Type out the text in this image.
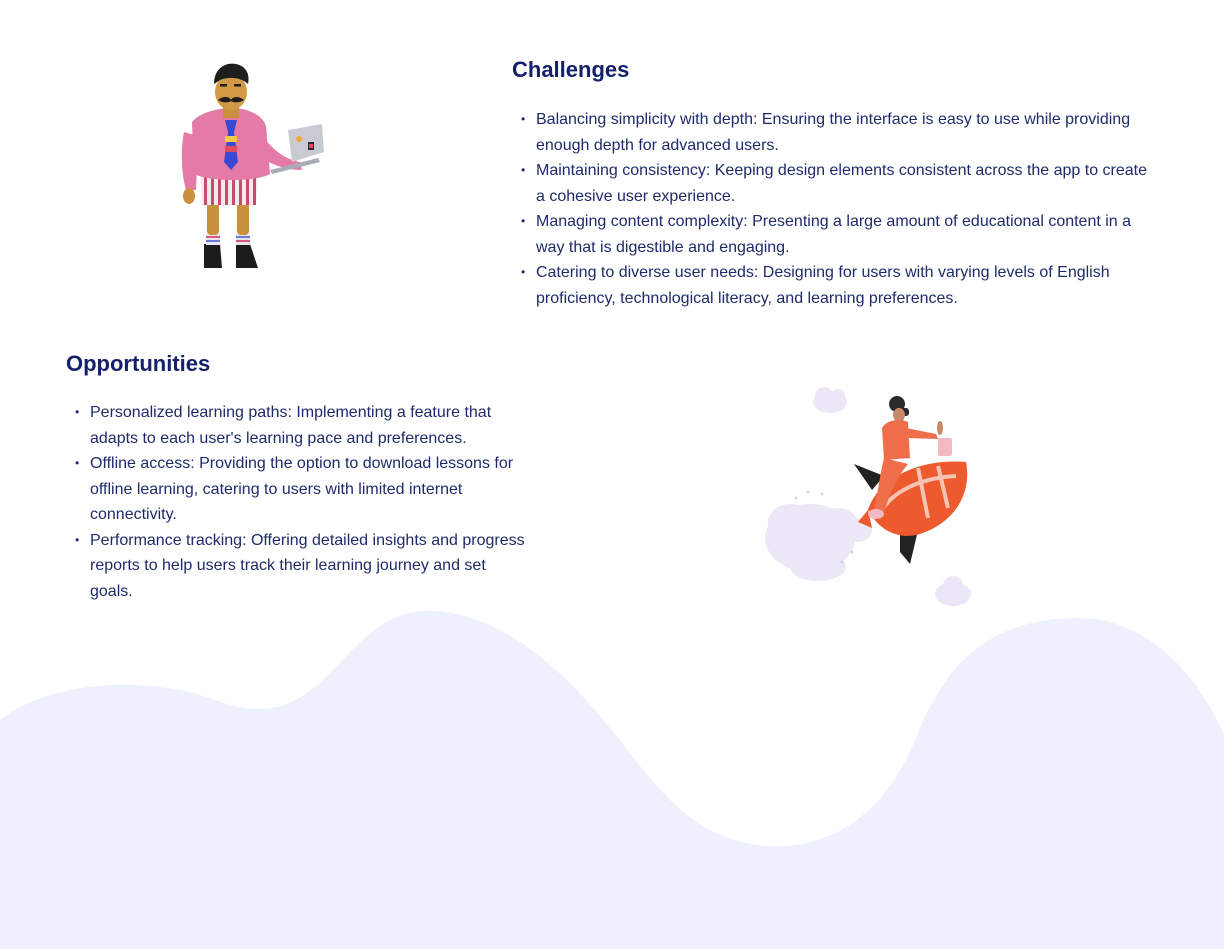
Challenges
• Balancing simplicity with depth: Ensuring the interface is easy to use while providing enough depth for advanced users.
• Maintaining consistency: Keeping design elements consistent across the app to create a cohesive user experience.
• Managing content complexity: Presenting a large amount of educational content in a way that is digestible and engaging.
• Catering to diverse user needs: Designing for users with varying levels of English proficiency, technological literacy, and learning preferences.
Opportunities
• Personalized learning paths: Implementing a feature that adapts to each user's learning pace and preferences.
• Offline access: Providing the option to download lessons for offline learning, catering to users with limited internet connectivity.
• Performance tracking: Offering detailed insights and progress reports to help users track their learning journey and set goals.
